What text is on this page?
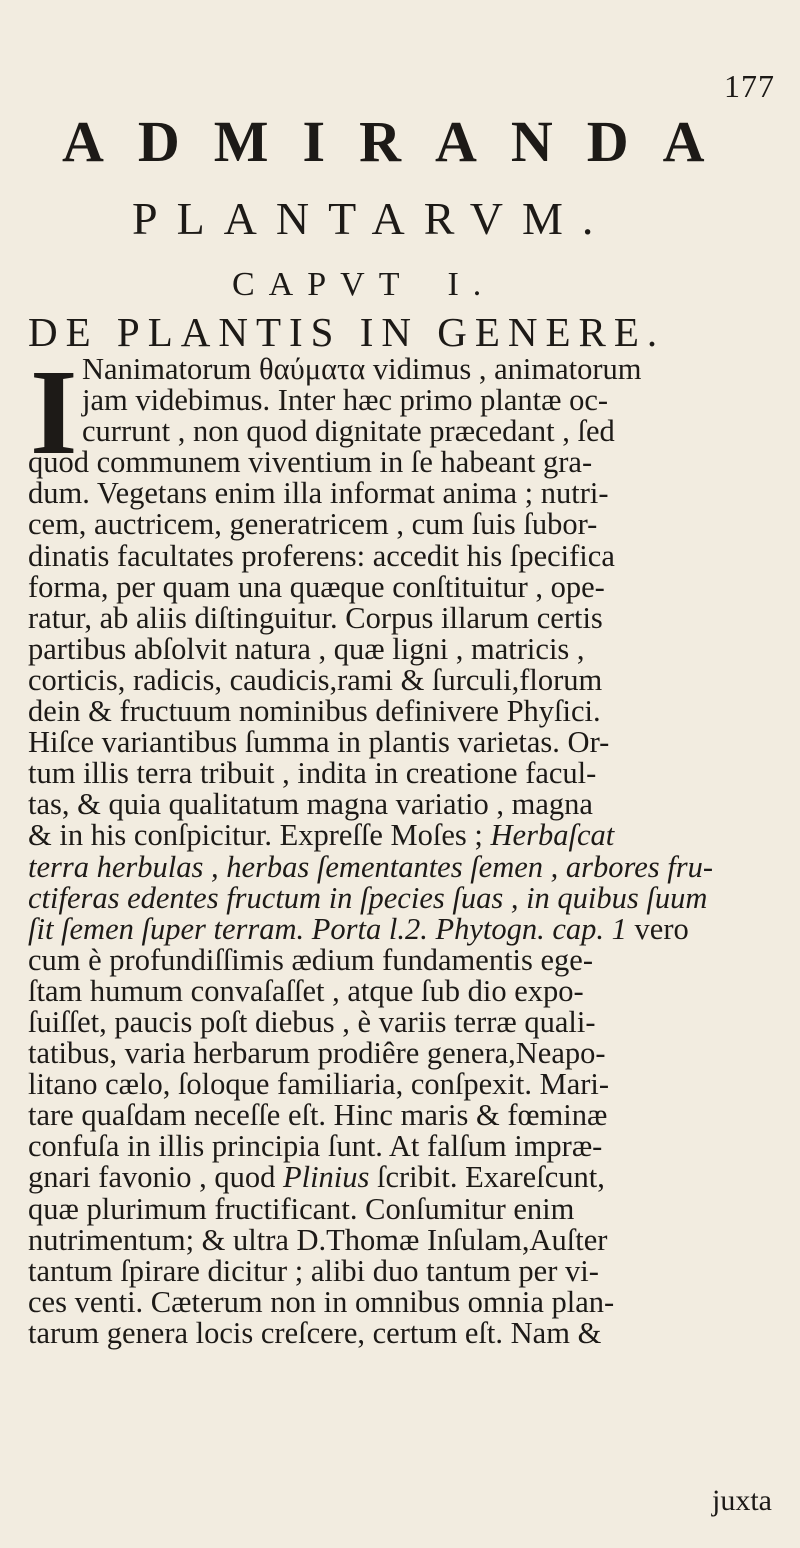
177
ADMIRANDA
PLANTARVM.
CAPVT I.
DE PLANTIS IN GENERE.
I Nanimatorum θαύματα vidimus , animatorum
jam videbimus. Inter hæc primo plantæ oc-
currunt , non quod dignitate præcedant , ſed
quod communem viventium in ſe habeant gra-
dum. Vegetans enim illa informat anima ; nutri-
cem, auctricem, generatricem , cum ſuis ſubor-
dinatis facultates proferens: accedit his ſpecifica
forma, per quam una quæque conſtituitur , ope-
ratur, ab aliis diſtinguitur. Corpus illarum certis
partibus abſolvit natura , quæ ligni , matricis ,
corticis, radicis, caudicis,rami & ſurculi,florum
dein & fructuum nominibus definivere Phyſici.
Hiſce variantibus ſumma in plantis varietas. Or-
tum illis terra tribuit , indita in creatione facul-
tas, & quia qualitatum magna variatio , magna
& in his conſpicitur. Expreſſe Moſes ; Herbaſcat
terra herbulas , herbas ſementantes ſemen , arbores fru-
ctiferas edentes fructum in ſpecies ſuas , in quibus ſuum
ſit ſemen ſuper terram. Porta l.2. Phytogn. cap. 1 vero
cum è profundiſſimis ædium fundamentis ege-
ſtam humum convaſaſſet , atque ſub dio expo-
ſuiſſet, paucis poſt diebus , è variis terræ quali-
tatibus, varia herbarum prodiêre genera,Neapo-
litano cælo, ſoloque familiaria, conſpexit. Mari-
tare quaſdam neceſſe eſt. Hinc maris & fœminæ
confuſa in illis principia ſunt. At falſum impræ-
gnari favonio , quod Plinius ſcribit. Exareſcunt,
quæ plurimum fructificant. Conſumitur enim
nutrimentum; & ultra D.Thomæ Inſulam,Auſter
tantum ſpirare dicitur ; alibi duo tantum per vi-
ces venti. Cæterum non in omnibus omnia plan-
tarum genera locis creſcere, certum eſt. Nam &
juxta
